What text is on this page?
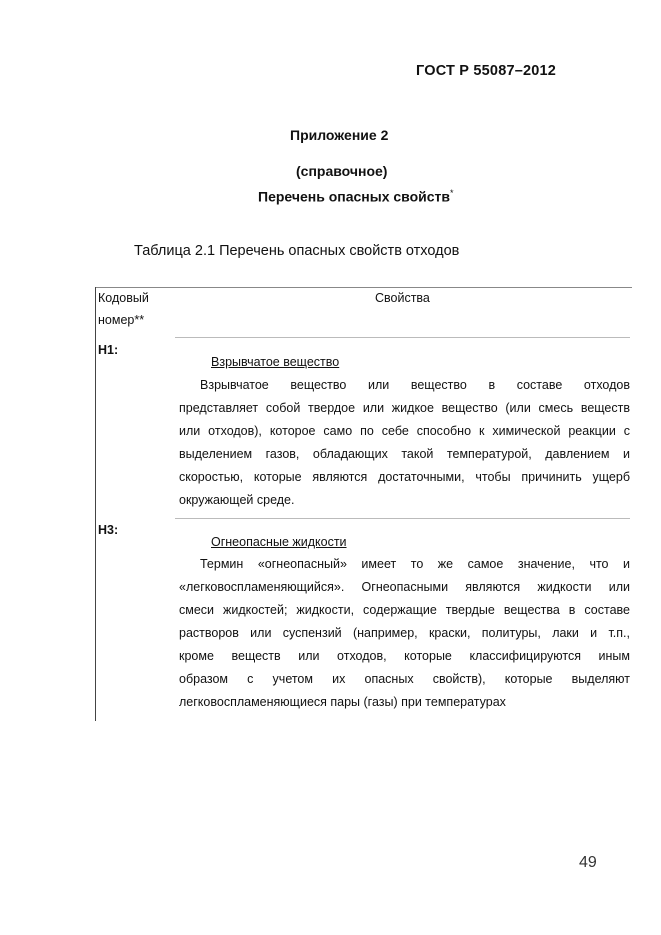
ГОСТ Р 55087–2012
Приложение 2
(справочное)
Перечень опасных свойств*
Таблица 2.1 Перечень опасных свойств отходов
Кодовый
номер**
Свойства
Н1:
Взрывчатое вещество
Взрывчатое вещество или вещество в составе отходов
представляет собой твердое или жидкое вещество (или смесь веществ
или отходов), которое само по себе способно к химической реакции с
выделением газов, обладающих такой температурой, давлением и
скоростью, которые являются достаточными, чтобы причинить ущерб
окружающей среде.
Н3:
Огнеопасные жидкости
Термин «огнеопасный» имеет то же самое значение, что и
«легковоспламеняющийся». Огнеопасными являются жидкости или
смеси жидкостей; жидкости, содержащие твердые вещества в составе
растворов или суспензий (например, краски, политуры, лаки и т.п.,
кроме веществ или отходов, которые классифицируются иным
образом с учетом их опасных свойств), которые выделяют
легковоспламеняющиеся пары (газы) при температурах
49
